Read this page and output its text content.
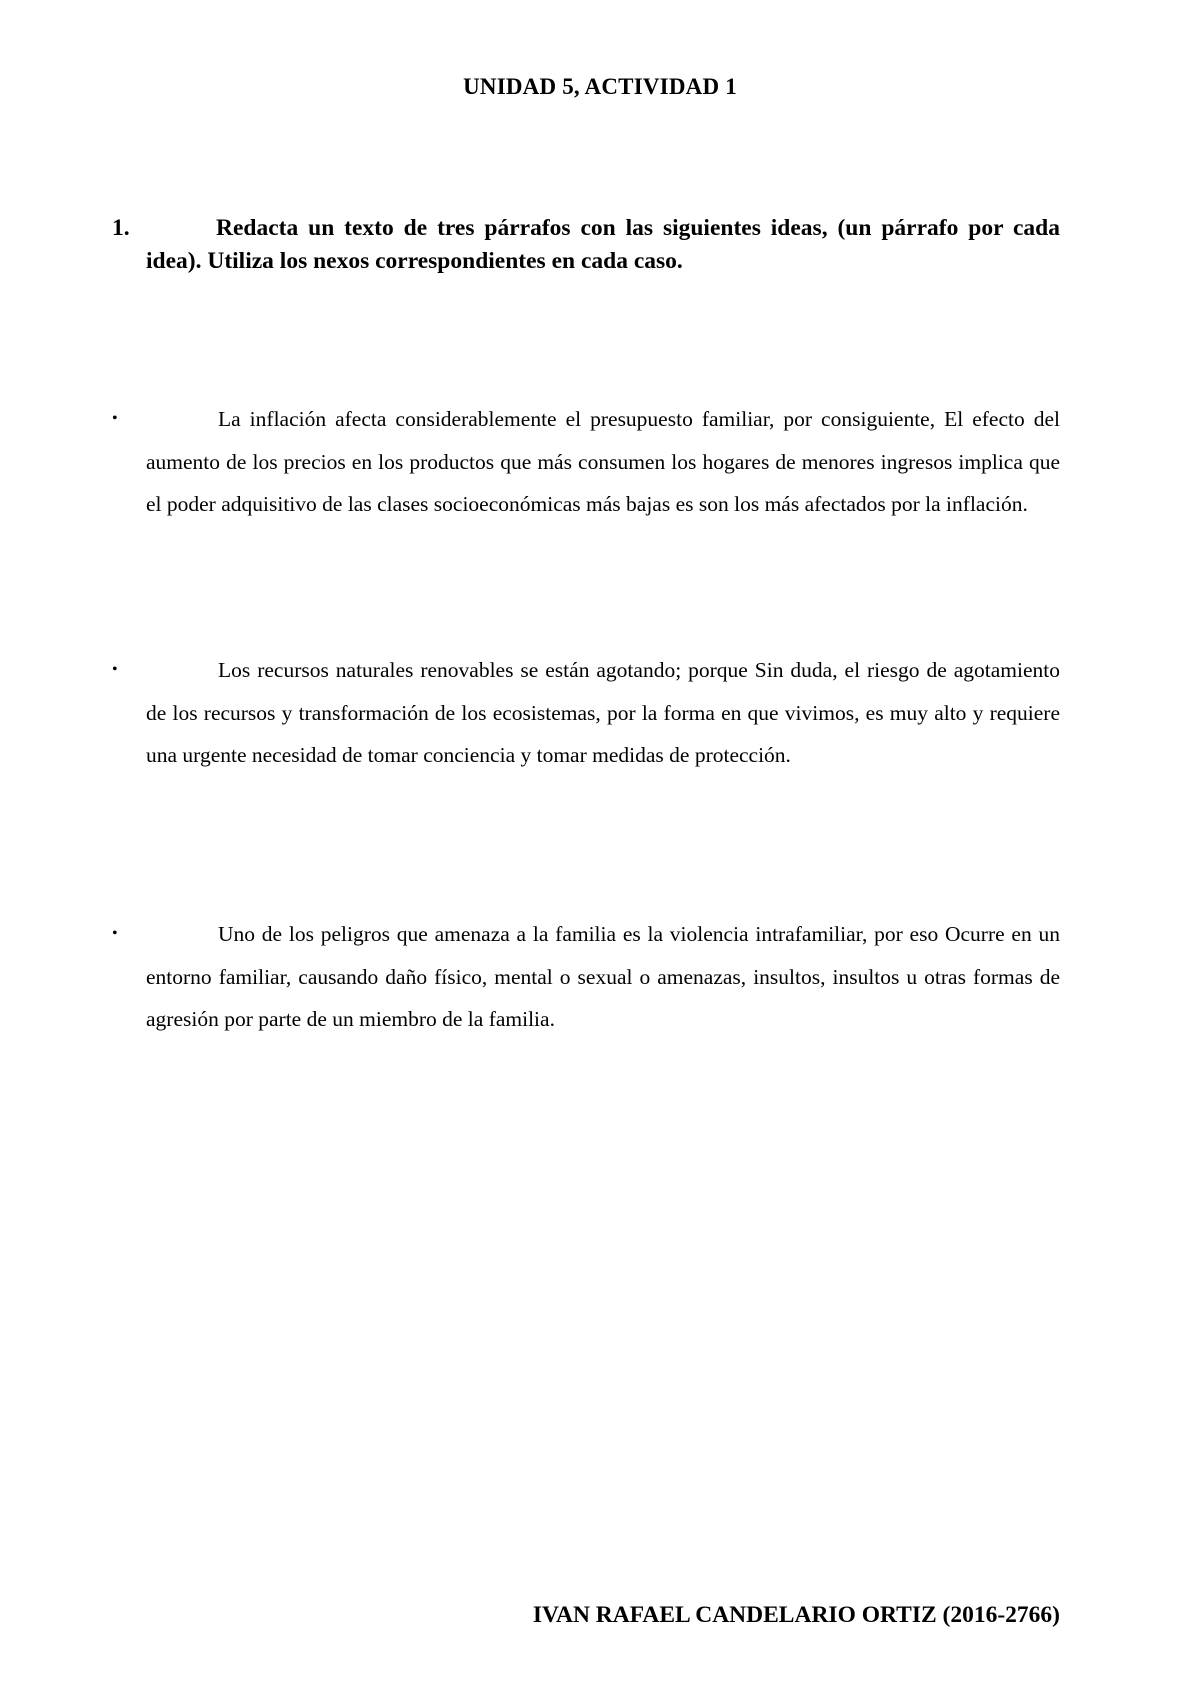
UNIDAD 5, ACTIVIDAD 1
1.	Redacta un texto de tres párrafos con las siguientes ideas, (un párrafo por cada idea). Utiliza los nexos correspondientes en cada caso.
•	La inflación afecta considerablemente el presupuesto familiar, por consiguiente, El efecto del aumento de los precios en los productos que más consumen los hogares de menores ingresos implica que el poder adquisitivo de las clases socioeconómicas más bajas es son los más afectados por la inflación.
•	Los recursos naturales renovables se están agotando; porque Sin duda, el riesgo de agotamiento de los recursos y transformación de los ecosistemas, por la forma en que vivimos, es muy alto y requiere una urgente necesidad de tomar conciencia y tomar medidas de protección.
•	Uno de los peligros que amenaza a la familia es la violencia intrafamiliar, por eso Ocurre en un entorno familiar, causando daño físico, mental o sexual o amenazas, insultos, insultos u otras formas de agresión por parte de un miembro de la familia.
IVAN RAFAEL CANDELARIO ORTIZ (2016-2766)
